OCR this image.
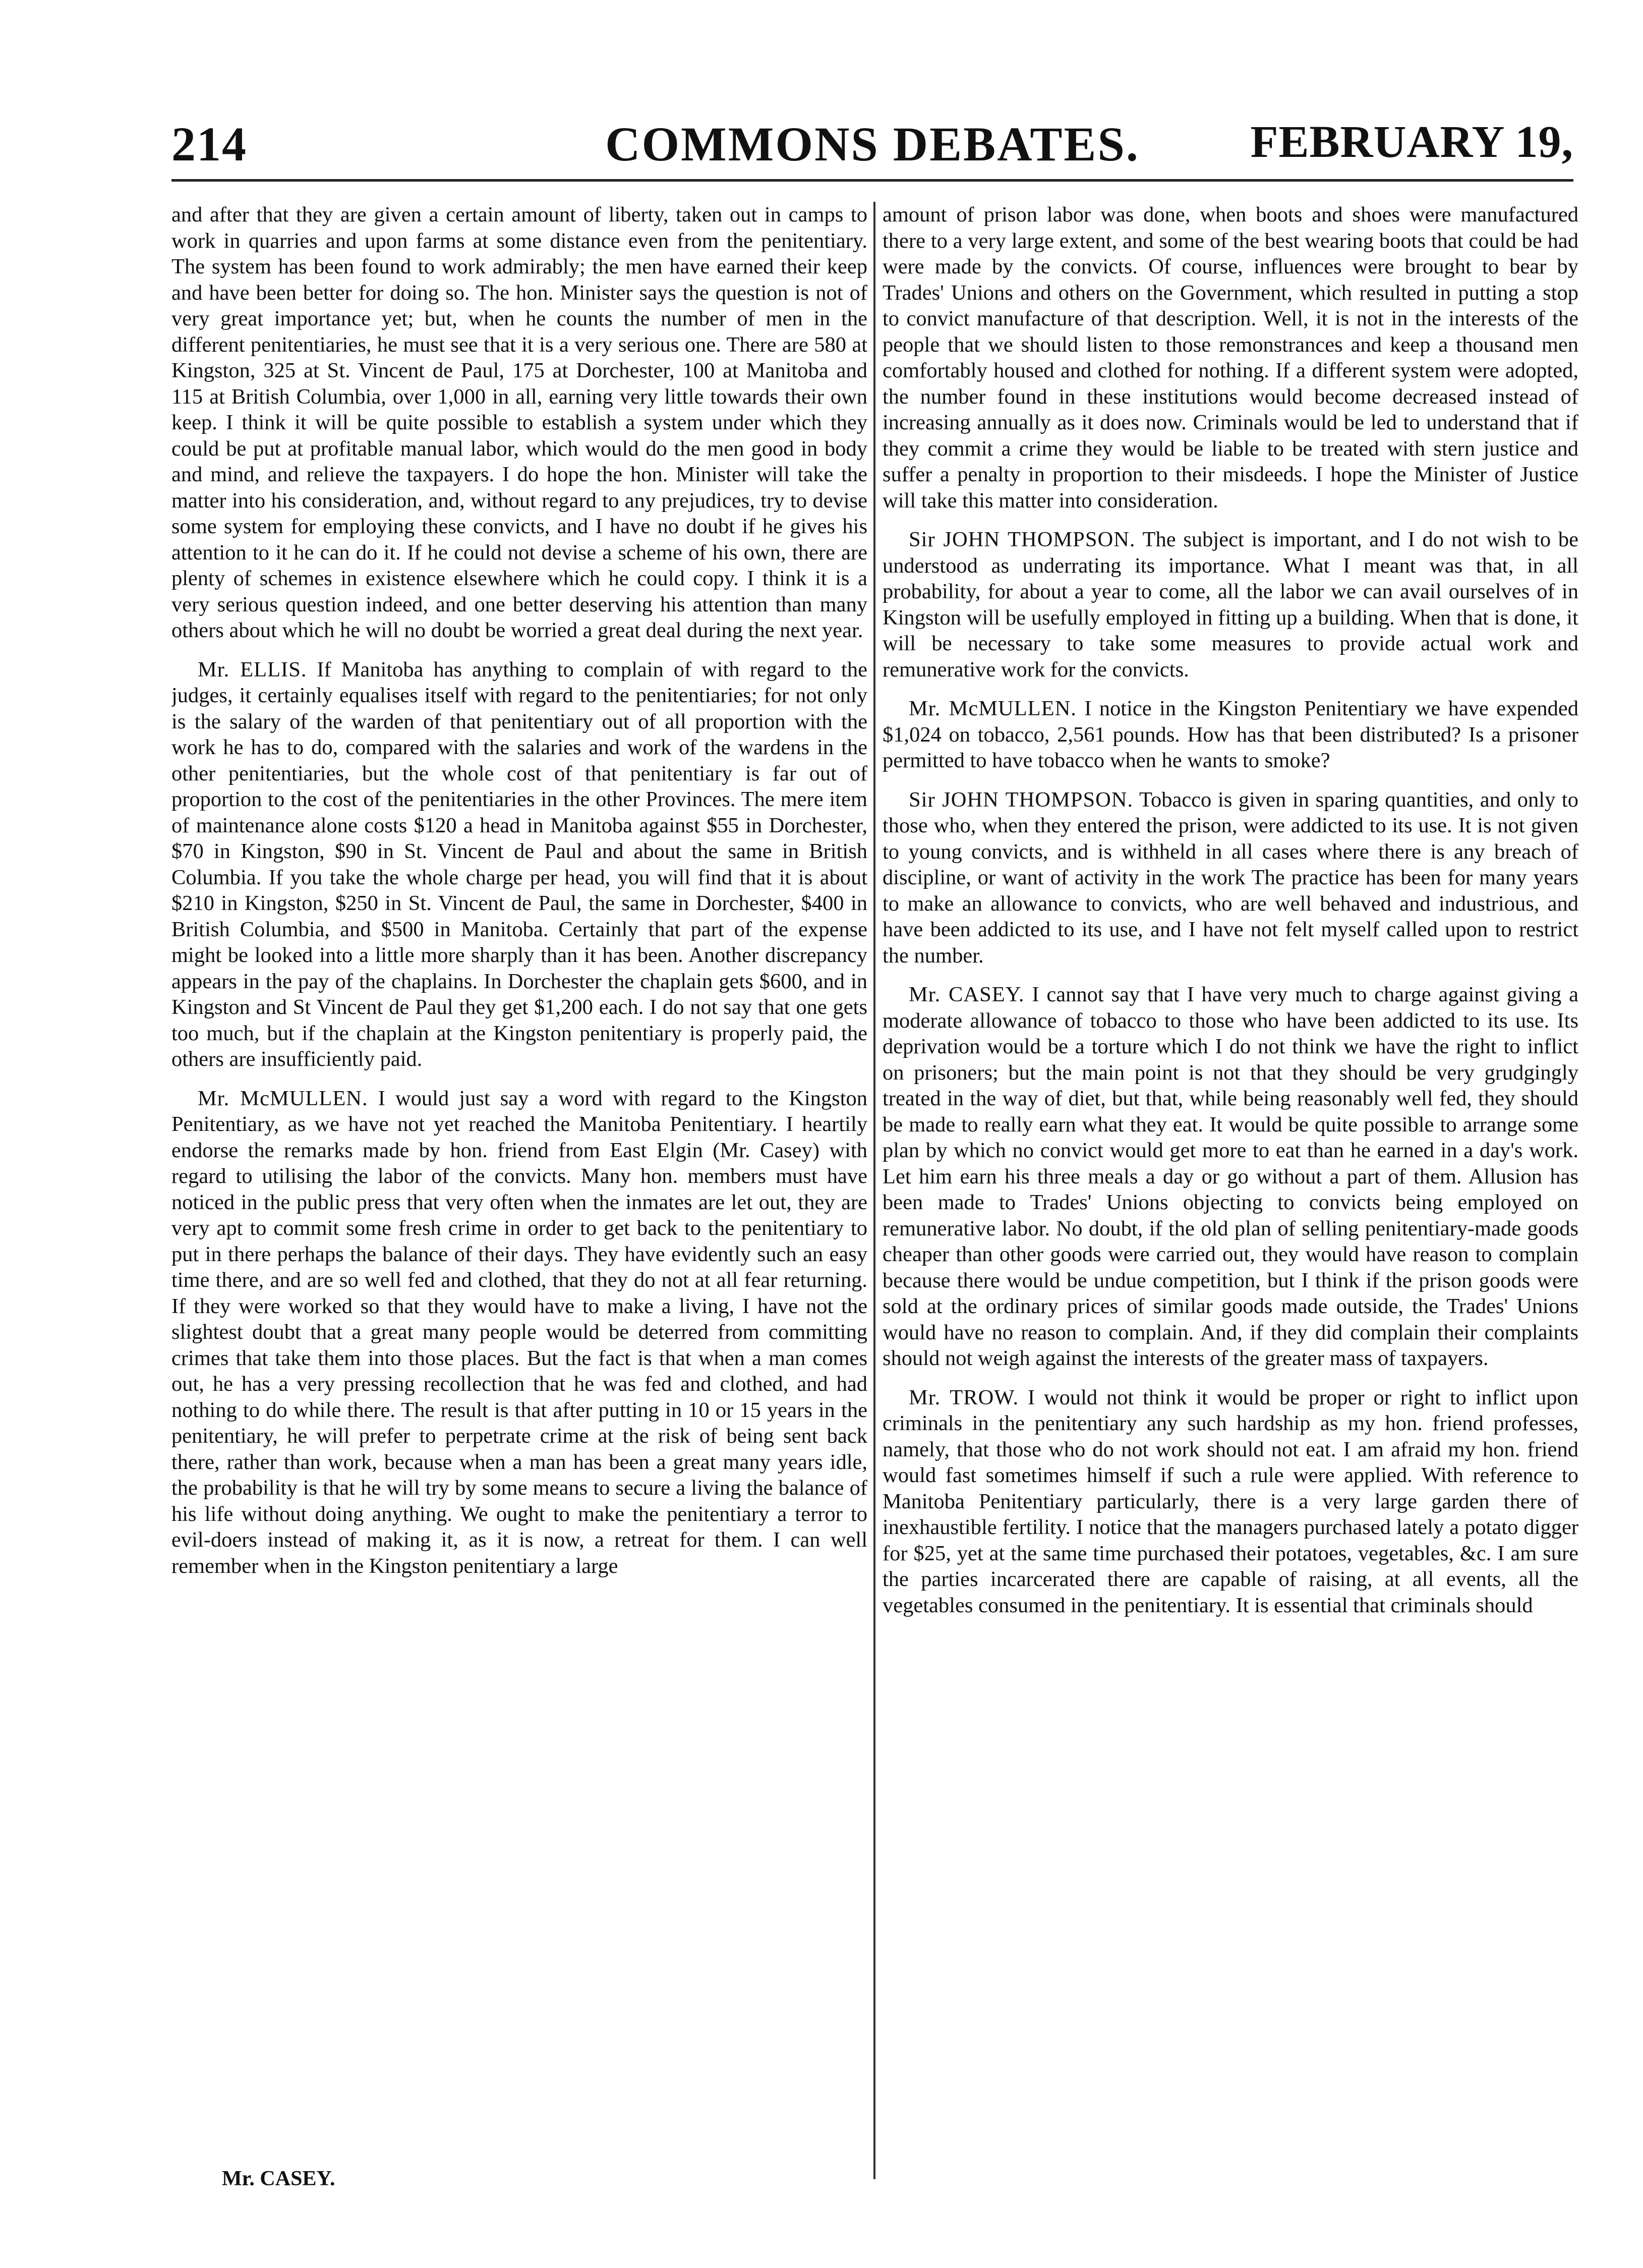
214	COMMONS DEBATES.	FEBRUARY 19,

and after that they are given a certain amount of liberty, taken out in camps to work in quarries and upon farms at some distance even from the penitentiary. The system has been found to work admirably; the men have earned their keep and have been better for doing so. The hon. Minister says the question is not of very great importance yet; but, when he counts the number of men in the different penitentiaries, he must see that it is a very serious one. There are 580 at Kingston, 325 at St. Vincent de Paul, 175 at Dorchester, 100 at Manitoba and 115 at British Columbia, over 1,000 in all, earning very little towards their own keep. I think it will be quite possible to establish a system under which they could be put at profitable manual labor, which would do the men good in body and mind, and relieve the taxpayers. I do hope the hon. Minister will take the matter into his consideration, and, without regard to any prejudices, try to devise some system for employing these convicts, and I have no doubt if he gives his attention to it he can do it. If he could not devise a scheme of his own, there are plenty of schemes in existence elsewhere which he could copy. I think it is a very serious question indeed, and one better deserving his attention than many others about which he will no doubt be worried a great deal during the next year.

Mr. ELLIS. If Manitoba has anything to complain of with regard to the judges, it certainly equalises itself with regard to the penitentiaries; for not only is the salary of the warden of that penitentiary out of all proportion with the work he has to do, compared with the salaries and work of the wardens in the other penitentiaries, but the whole cost of that penitentiary is far out of proportion to the cost of the penitentiaries in the other Provinces. The mere item of maintenance alone costs $120 a head in Manitoba against $55 in Dorchester, $70 in Kingston, $90 in St. Vincent de Paul and about the same in British Columbia. If you take the whole charge per head, you will find that it is about $210 in Kingston, $250 in St. Vincent de Paul, the same in Dorchester, $400 in British Columbia, and $500 in Manitoba. Certainly that part of the expense might be looked into a little more sharply than it has been. Another discrepancy appears in the pay of the chaplains. In Dorchester the chaplain gets $600, and in Kingston and St Vincent de Paul they get $1,200 each. I do not say that one gets too much, but if the chaplain at the Kingston penitentiary is properly paid, the others are insufficiently paid.

Mr. McMULLEN. I would just say a word with regard to the Kingston Penitentiary, as we have not yet reached the Manitoba Penitentiary. I heartily endorse the remarks made by hon. friend from East Elgin (Mr. Casey) with regard to utilising the labor of the convicts. Many hon. members must have noticed in the public press that very often when the inmates are let out, they are very apt to commit some fresh crime in order to get back to the penitentiary to put in there perhaps the balance of their days. They have evidently such an easy time there, and are so well fed and clothed, that they do not at all fear returning. If they were worked so that they would have to make a living, I have not the slightest doubt that a great many people would be deterred from committing crimes that take them into those places. But the fact is that when a man comes out, he has a very pressing recollection that he was fed and clothed, and had nothing to do while there. The result is that after putting in 10 or 15 years in the penitentiary, he will prefer to perpetrate crime at the risk of being sent back there, rather than work, because when a man has been a great many years idle, the probability is that he will try by some means to secure a living the balance of his life without doing anything. We ought to make the penitentiary a terror to evil-doers instead of making it, as it is now, a retreat for them. I can well remember when in the Kingston penitentiary a large

amount of prison labor was done, when boots and shoes were manufactured there to a very large extent, and some of the best wearing boots that could be had were made by the convicts. Of course, influences were brought to bear by Trades' Unions and others on the Government, which resulted in putting a stop to convict manufacture of that description. Well, it is not in the interests of the people that we should listen to those remonstrances and keep a thousand men comfortably housed and clothed for nothing. If a different system were adopted, the number found in these institutions would become decreased instead of increasing annually as it does now. Criminals would be led to understand that if they commit a crime they would be liable to be treated with stern justice and suffer a penalty in proportion to their misdeeds. I hope the Minister of Justice will take this matter into consideration.

Sir JOHN THOMPSON. The subject is important, and I do not wish to be understood as underrating its importance. What I meant was that, in all probability, for about a year to come, all the labor we can avail ourselves of in Kingston will be usefully employed in fitting up a building. When that is done, it will be necessary to take some measures to provide actual work and remunerative work for the convicts.

Mr. McMULLEN. I notice in the Kingston Penitentiary we have expended $1,024 on tobacco, 2,561 pounds. How has that been distributed? Is a prisoner permitted to have tobacco when he wants to smoke?

Sir JOHN THOMPSON. Tobacco is given in sparing quantities, and only to those who, when they entered the prison, were addicted to its use. It is not given to young convicts, and is withheld in all cases where there is any breach of discipline, or want of activity in the work The practice has been for many years to make an allowance to convicts, who are well behaved and industrious, and have been addicted to its use, and I have not felt myself called upon to restrict the number.

Mr. CASEY. I cannot say that I have very much to charge against giving a moderate allowance of tobacco to those who have been addicted to its use. Its deprivation would be a torture which I do not think we have the right to inflict on prisoners; but the main point is not that they should be very grudgingly treated in the way of diet, but that, while being reasonably well fed, they should be made to really earn what they eat. It would be quite possible to arrange some plan by which no convict would get more to eat than he earned in a day's work. Let him earn his three meals a day or go without a part of them. Allusion has been made to Trades' Unions objecting to convicts being employed on remunerative labor. No doubt, if the old plan of selling penitentiary-made goods cheaper than other goods were carried out, they would have reason to complain because there would be undue competition, but I think if the prison goods were sold at the ordinary prices of similar goods made outside, the Trades' Unions would have no reason to complain. And, if they did complain their complaints should not weigh against the interests of the greater mass of taxpayers.

Mr. TROW. I would not think it would be proper or right to inflict upon criminals in the penitentiary any such hardship as my hon. friend professes, namely, that those who do not work should not eat. I am afraid my hon. friend would fast sometimes himself if such a rule were applied. With reference to Manitoba Penitentiary particularly, there is a very large garden there of inexhaustible fertility. I notice that the managers purchased lately a potato digger for $25, yet at the same time purchased their potatoes, vegetables, &c. I am sure the parties incarcerated there are capable of raising, at all events, all the vegetables consumed in the penitentiary. It is essential that criminals should

Mr. CASEY.
